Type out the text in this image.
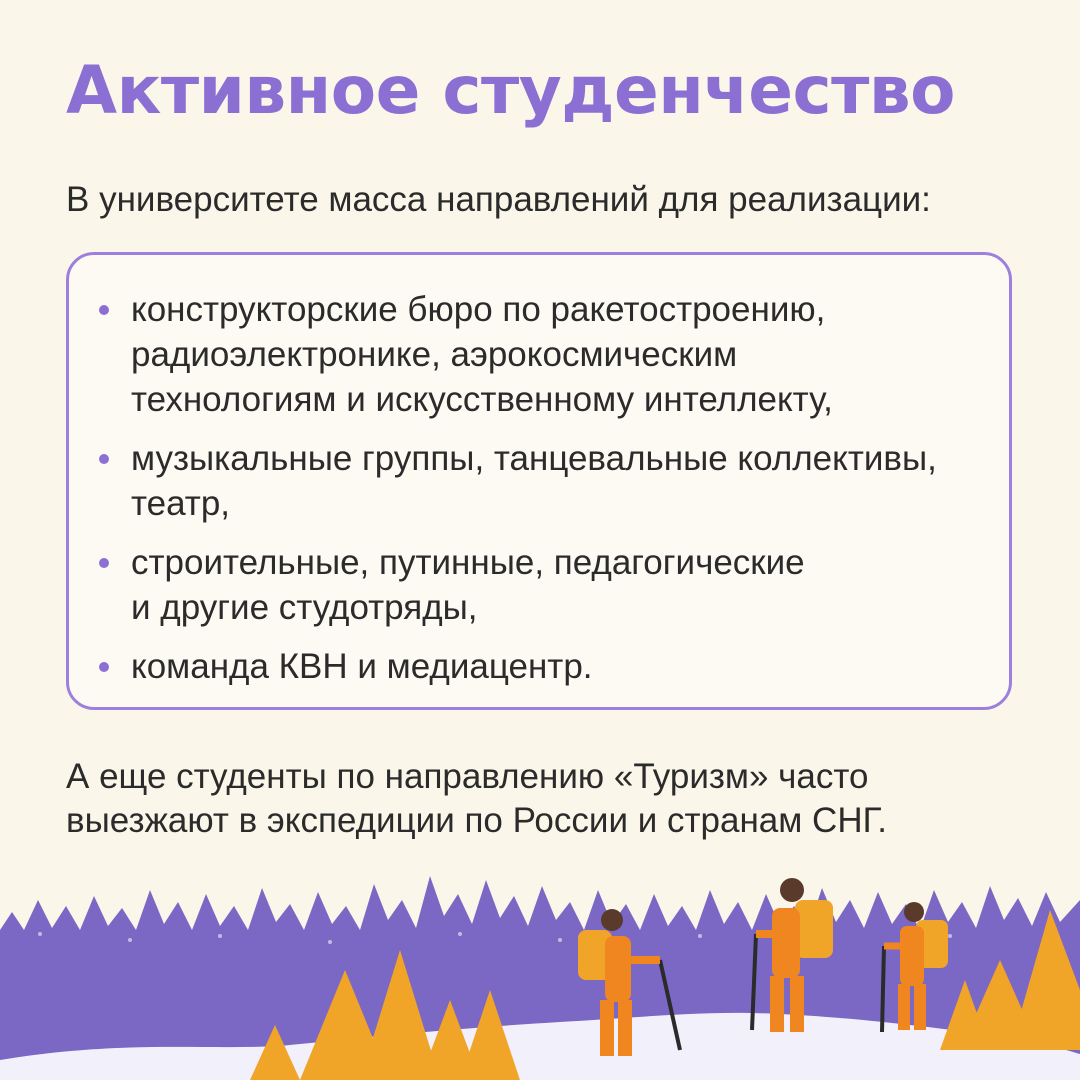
Активное студенчество

В университете масса направлений для реализации:

конструкторские бюро по ракетостроению,
радиоэлектронике, аэрокосмическим
технологиям и искусственному интеллекту,
музыкальные группы, танцевальные коллективы,
театр,
строительные, путинные, педагогические
и другие студотряды,
команда КВН и медиацентр.

А еще студенты по направлению «Туризм» часто
выезжают в экспедиции по России и странам СНГ.
